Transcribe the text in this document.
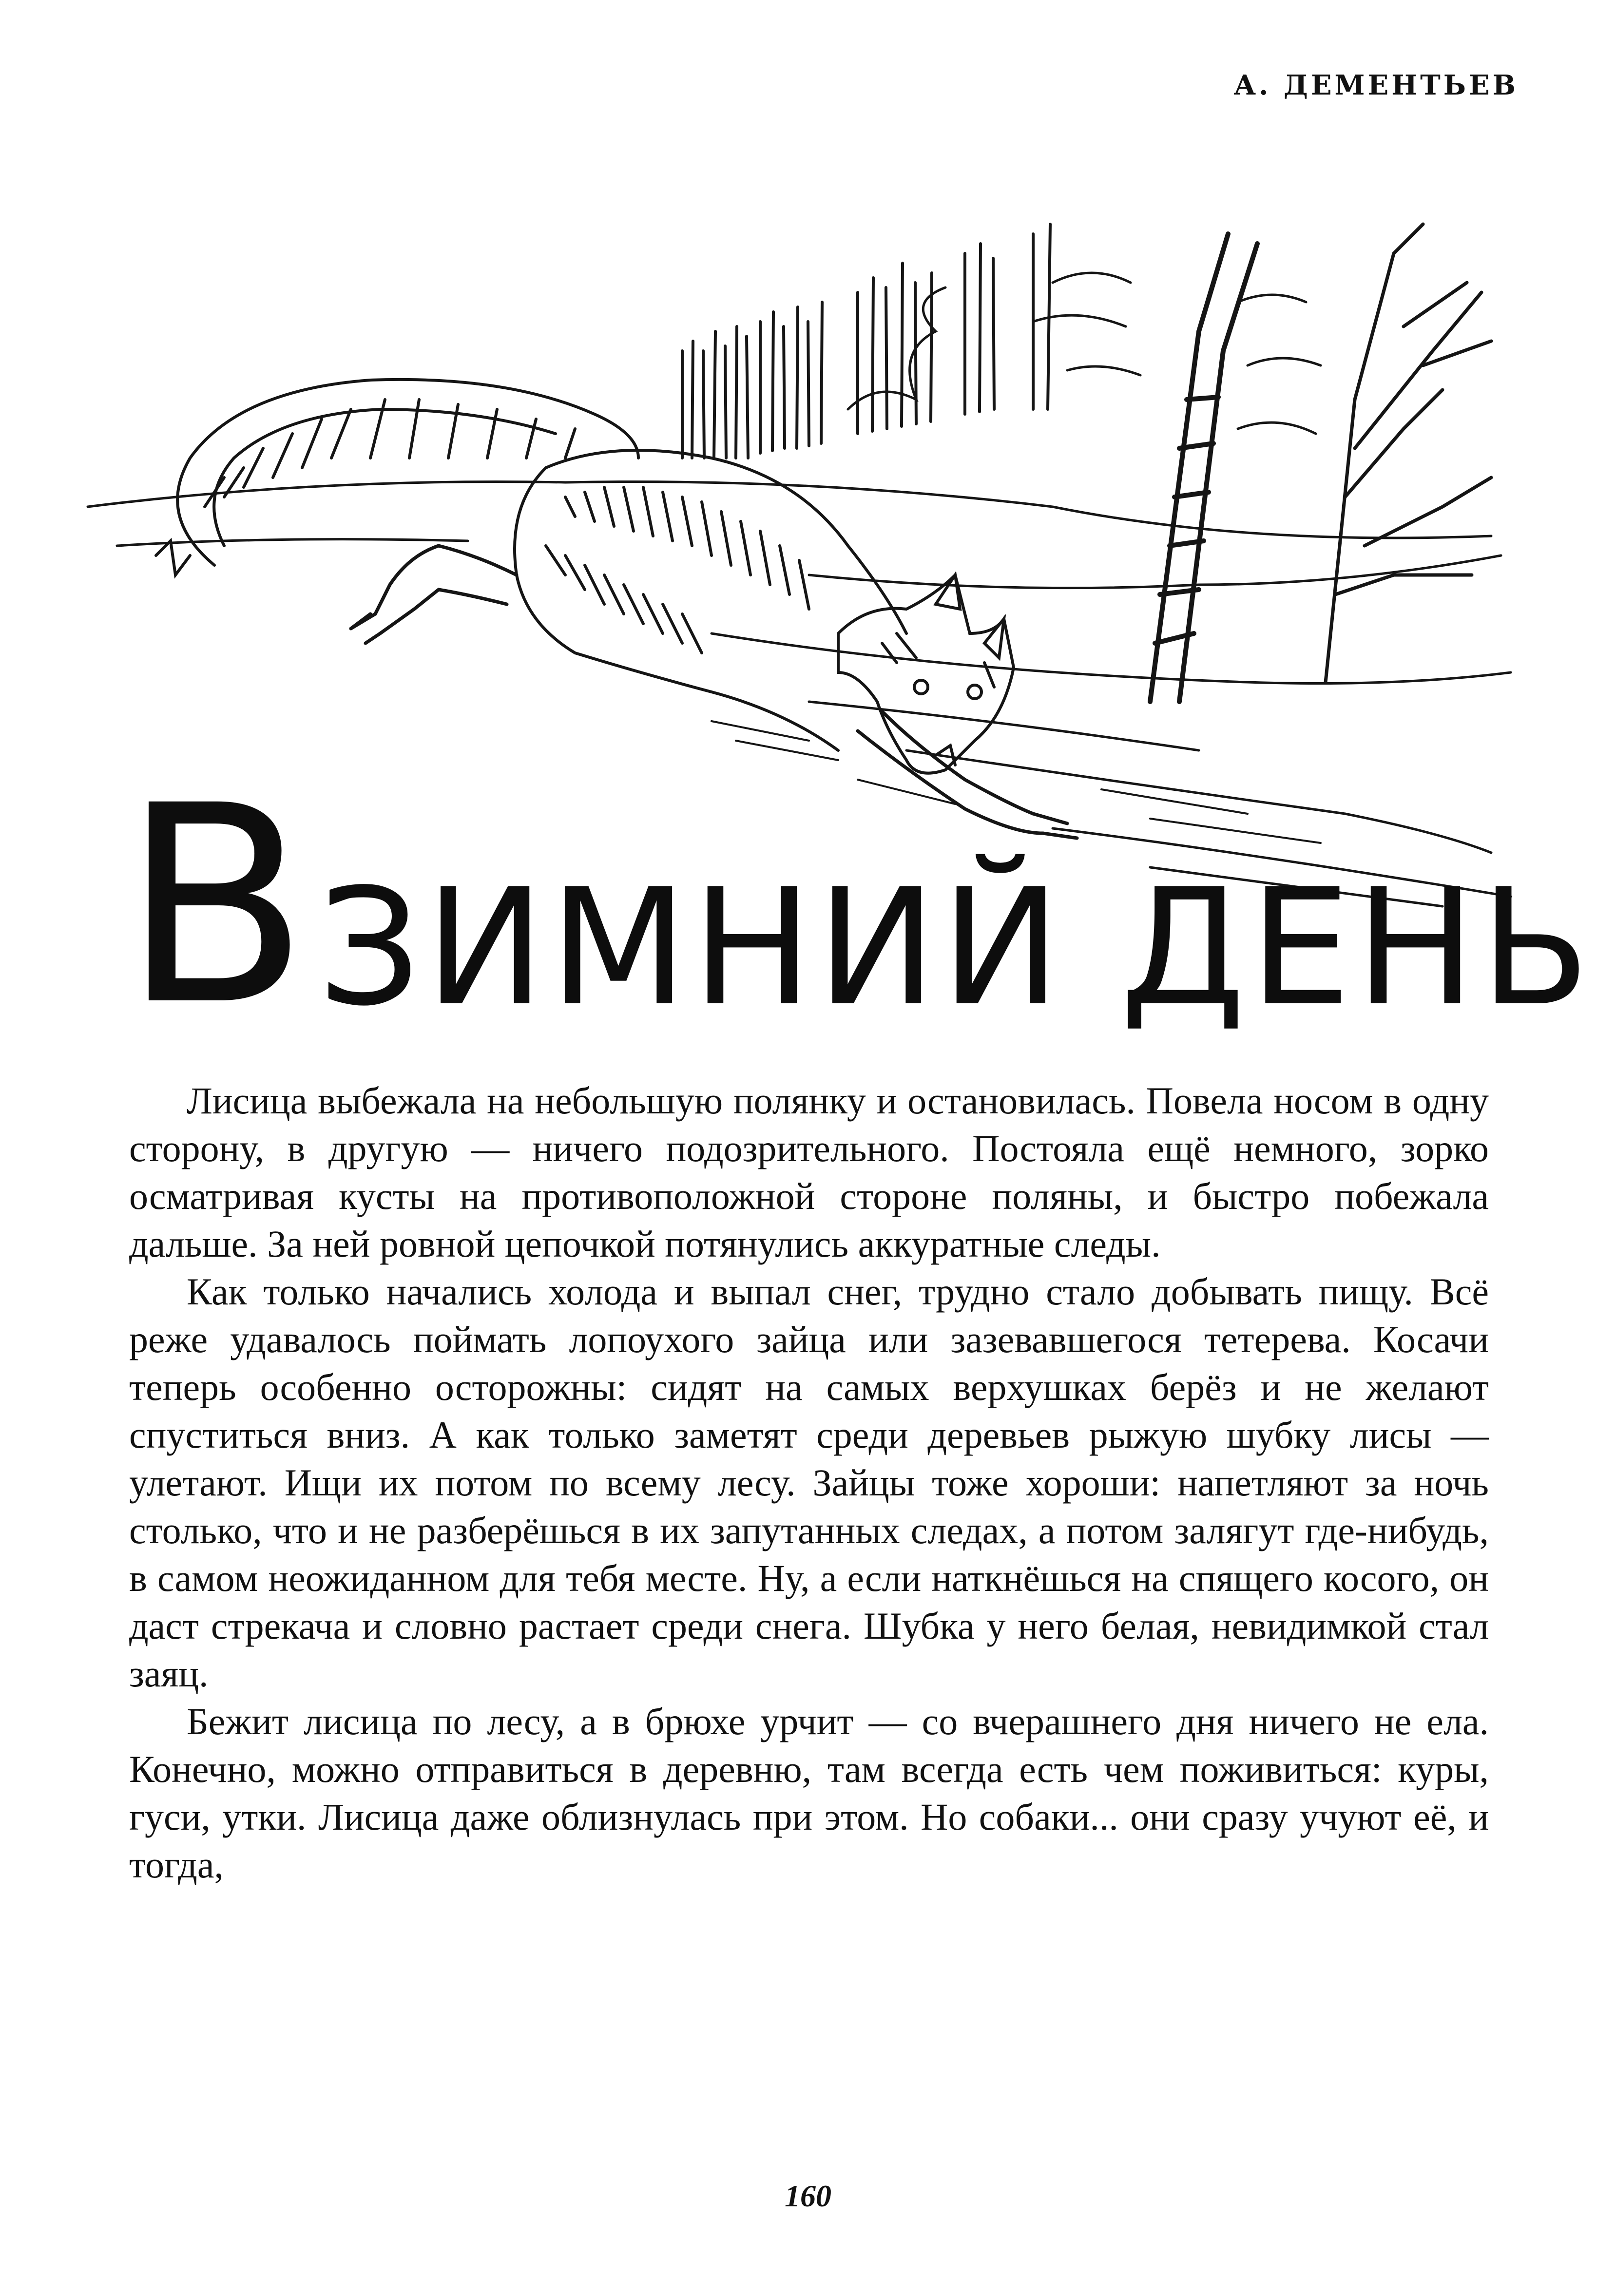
А. ДЕМЕНТЬЕВ
ВЗИМНИЙ ДЕНЬ

Лисица выбежала на небольшую полянку и остановилась. Повела носом в одну сторону, в другую — ничего подозрительного. Постояла ещё немного, зорко осматривая кусты на противоположной стороне поляны, и быстро побежала дальше. За ней ровной цепочкой потянулись аккуратные следы.

Как только начались холода и выпал снег, трудно стало добывать пищу. Всё реже удавалось поймать лопоухого зайца или зазевавшегося тетерева. Косачи теперь особенно осторожны: сидят на самых верхушках берёз и не желают спуститься вниз. А как только заметят среди деревьев рыжую шубку лисы — улетают. Ищи их потом по всему лесу. Зайцы тоже хороши: напетляют за ночь столько, что и не разберёшься в их запутанных следах, а потом залягут где-нибудь, в самом неожиданном для тебя месте. Ну, а если наткнёшься на спящего косого, он даст стрекача и словно растает среди снега. Шубка у него белая, невидимкой стал заяц.

Бежит лисица по лесу, а в брюхе урчит — со вчерашнего дня ничего не ела. Конечно, можно отправиться в деревню, там всегда есть чем поживиться: куры, гуси, утки. Лисица даже облизнулась при этом. Но собаки... они сразу учуют её, и тогда,

160
